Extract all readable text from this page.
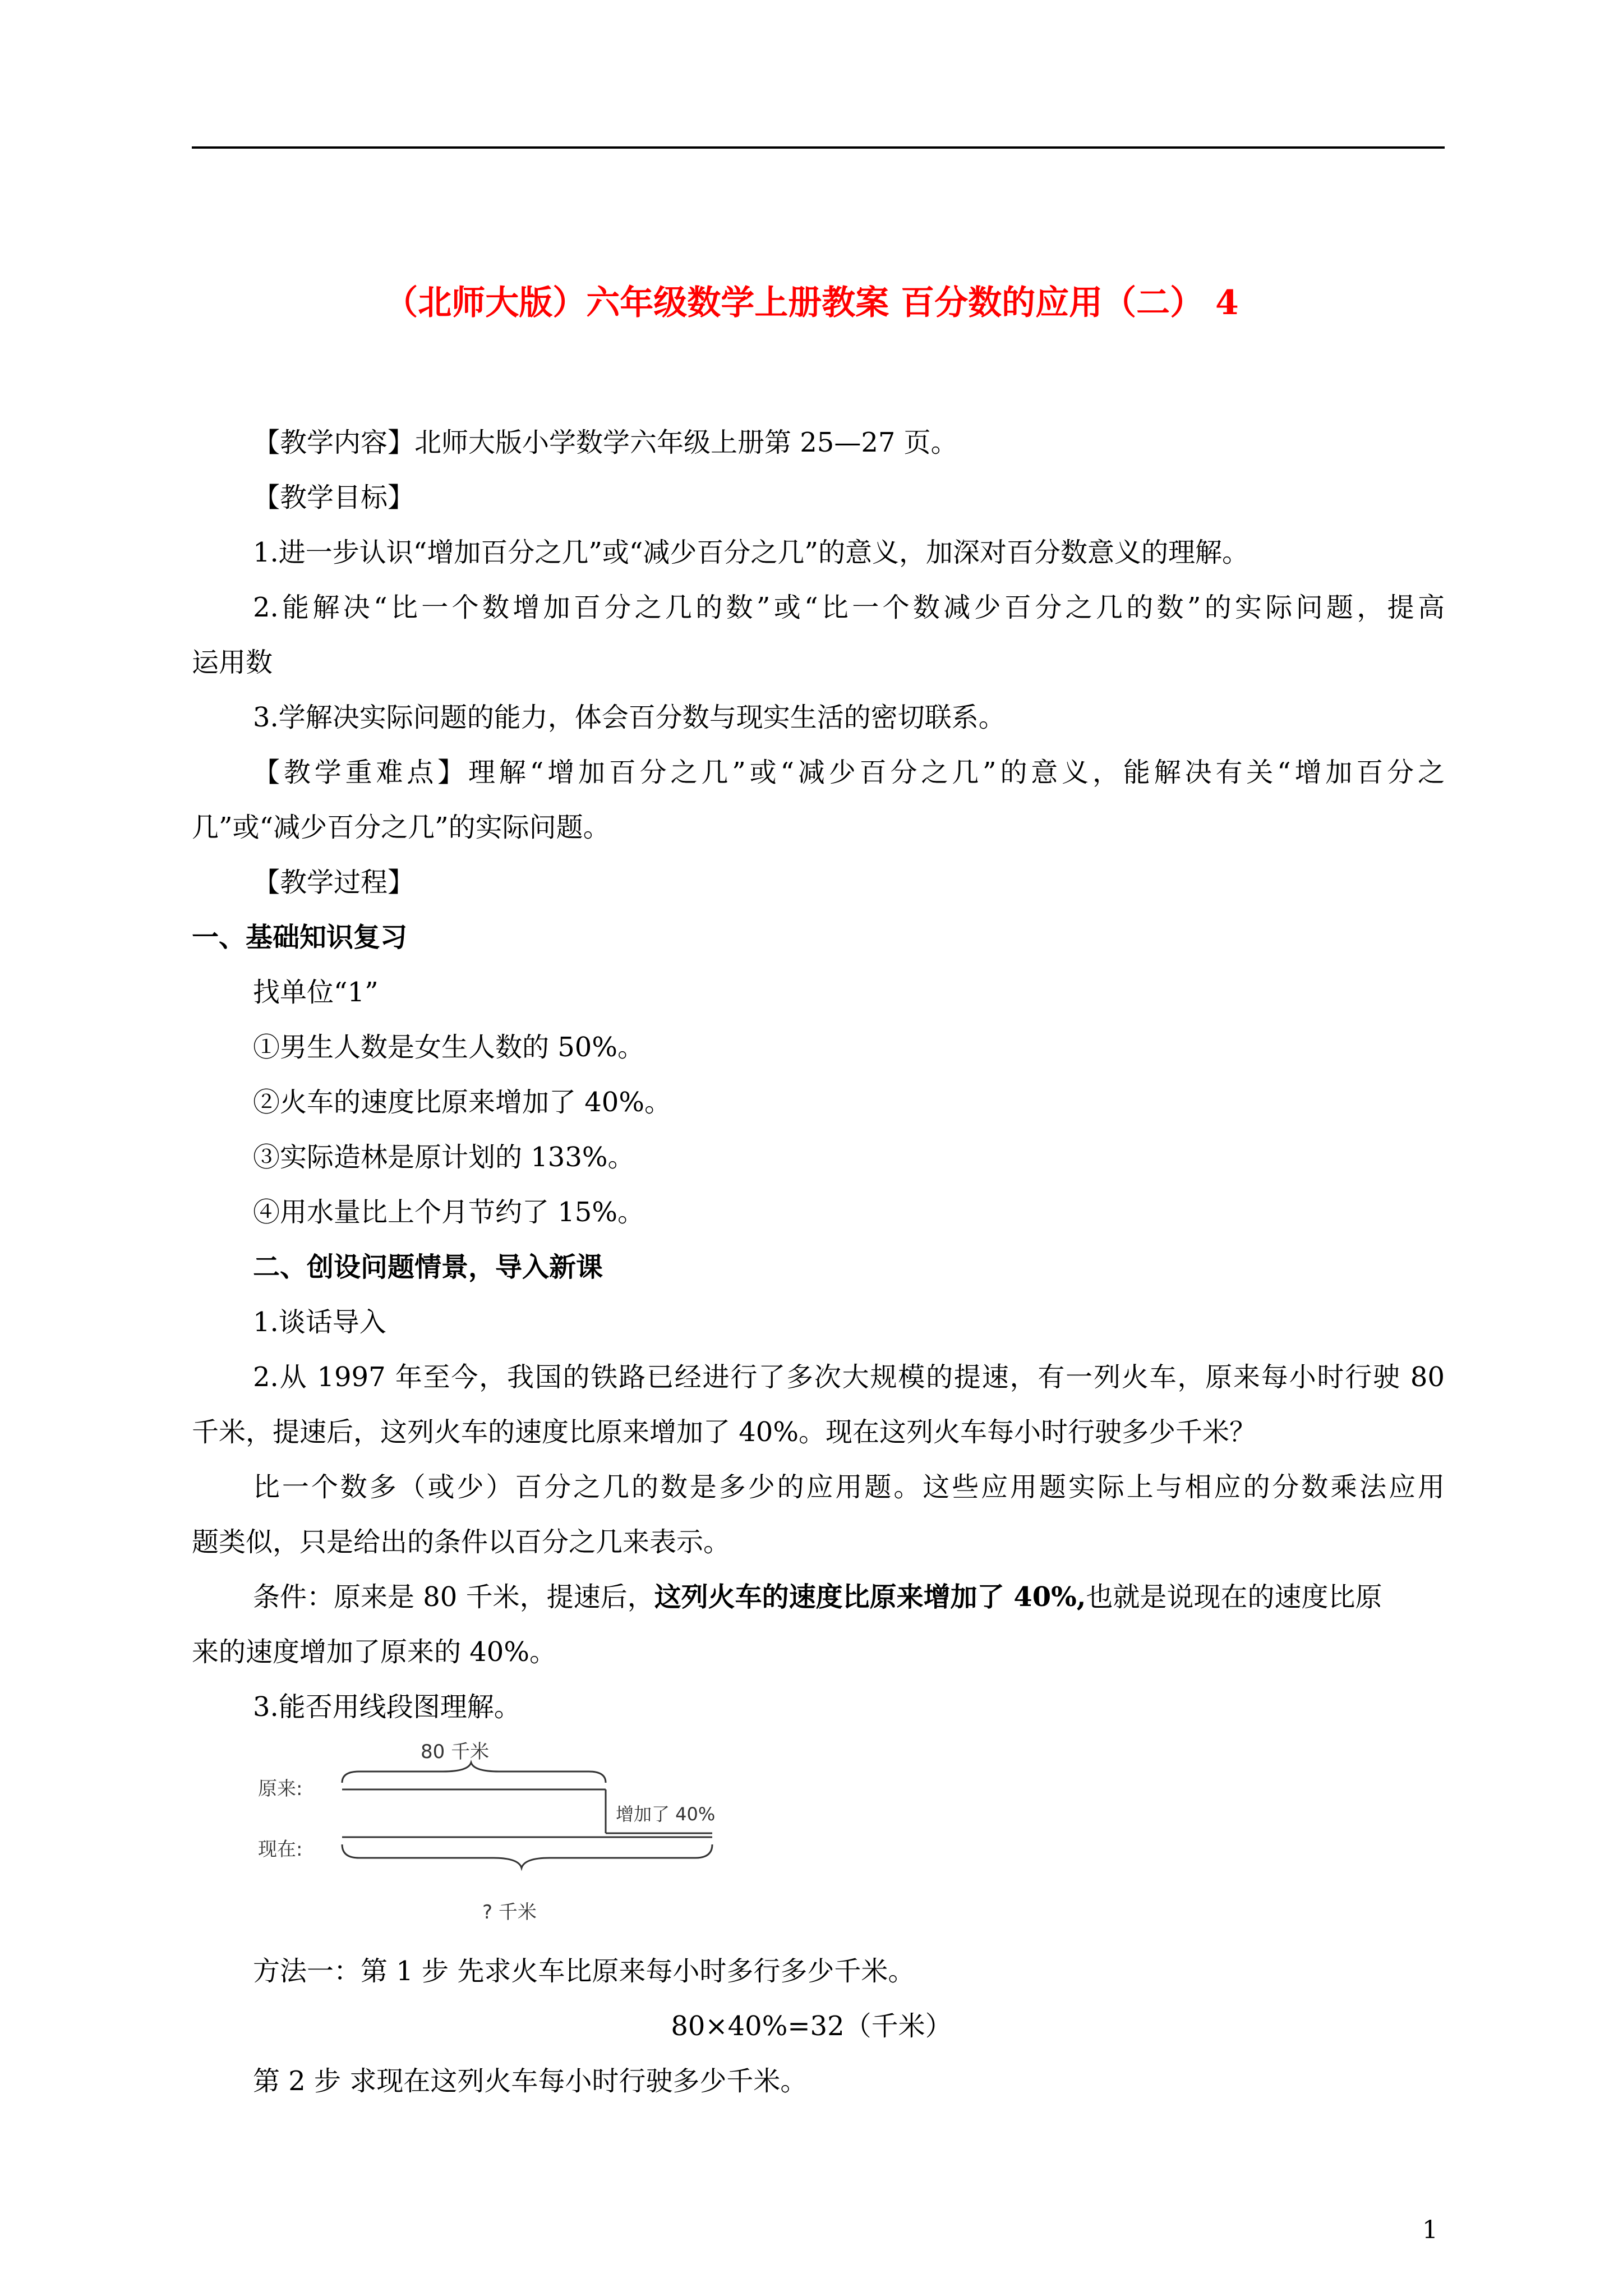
（北师大版）六年级数学上册教案 百分数的应用（二） 4
【教学内容】北师大版小学数学六年级上册第 25—27 页。
【教学目标】
1.进一步认识“增加百分之几”或“减少百分之几”的意义，加深对百分数意义的理解。
2.能解决“比一个数增加百分之几的数”或“比一个数减少百分之几的数”的实际问题，提高
运用数
3.学解决实际问题的能力，体会百分数与现实生活的密切联系。
【教学重难点】理解“增加百分之几”或“减少百分之几”的意义，能解决有关“增加百分之
几”或“减少百分之几”的实际问题。
【教学过程】
一、基础知识复习
找单位“1”
①男生人数是女生人数的 50%。
②火车的速度比原来增加了 40%。
③实际造林是原计划的 133%。
④用水量比上个月节约了 15%。
二、创设问题情景，导入新课
1.谈话导入
2.从 1997 年至今，我国的铁路已经进行了多次大规模的提速，有一列火车，原来每小时行驶 80
千米，提速后，这列火车的速度比原来增加了 40%。现在这列火车每小时行驶多少千米？
比一个数多（或少）百分之几的数是多少的应用题。这些应用题实际上与相应的分数乘法应用
题类似，只是给出的条件以百分之几来表示。
条件：原来是 80 千米，提速后，这列火车的速度比原来增加了 40%,也就是说现在的速度比原
来的速度增加了原来的 40%。
3.能否用线段图理解。
原来:
现在:
80 千米
增加了 40%
? 千米
方法一：第 1 步 先求火车比原来每小时多行多少千米。
80×40%=32（千米）
第 2 步 求现在这列火车每小时行驶多少千米。
1
